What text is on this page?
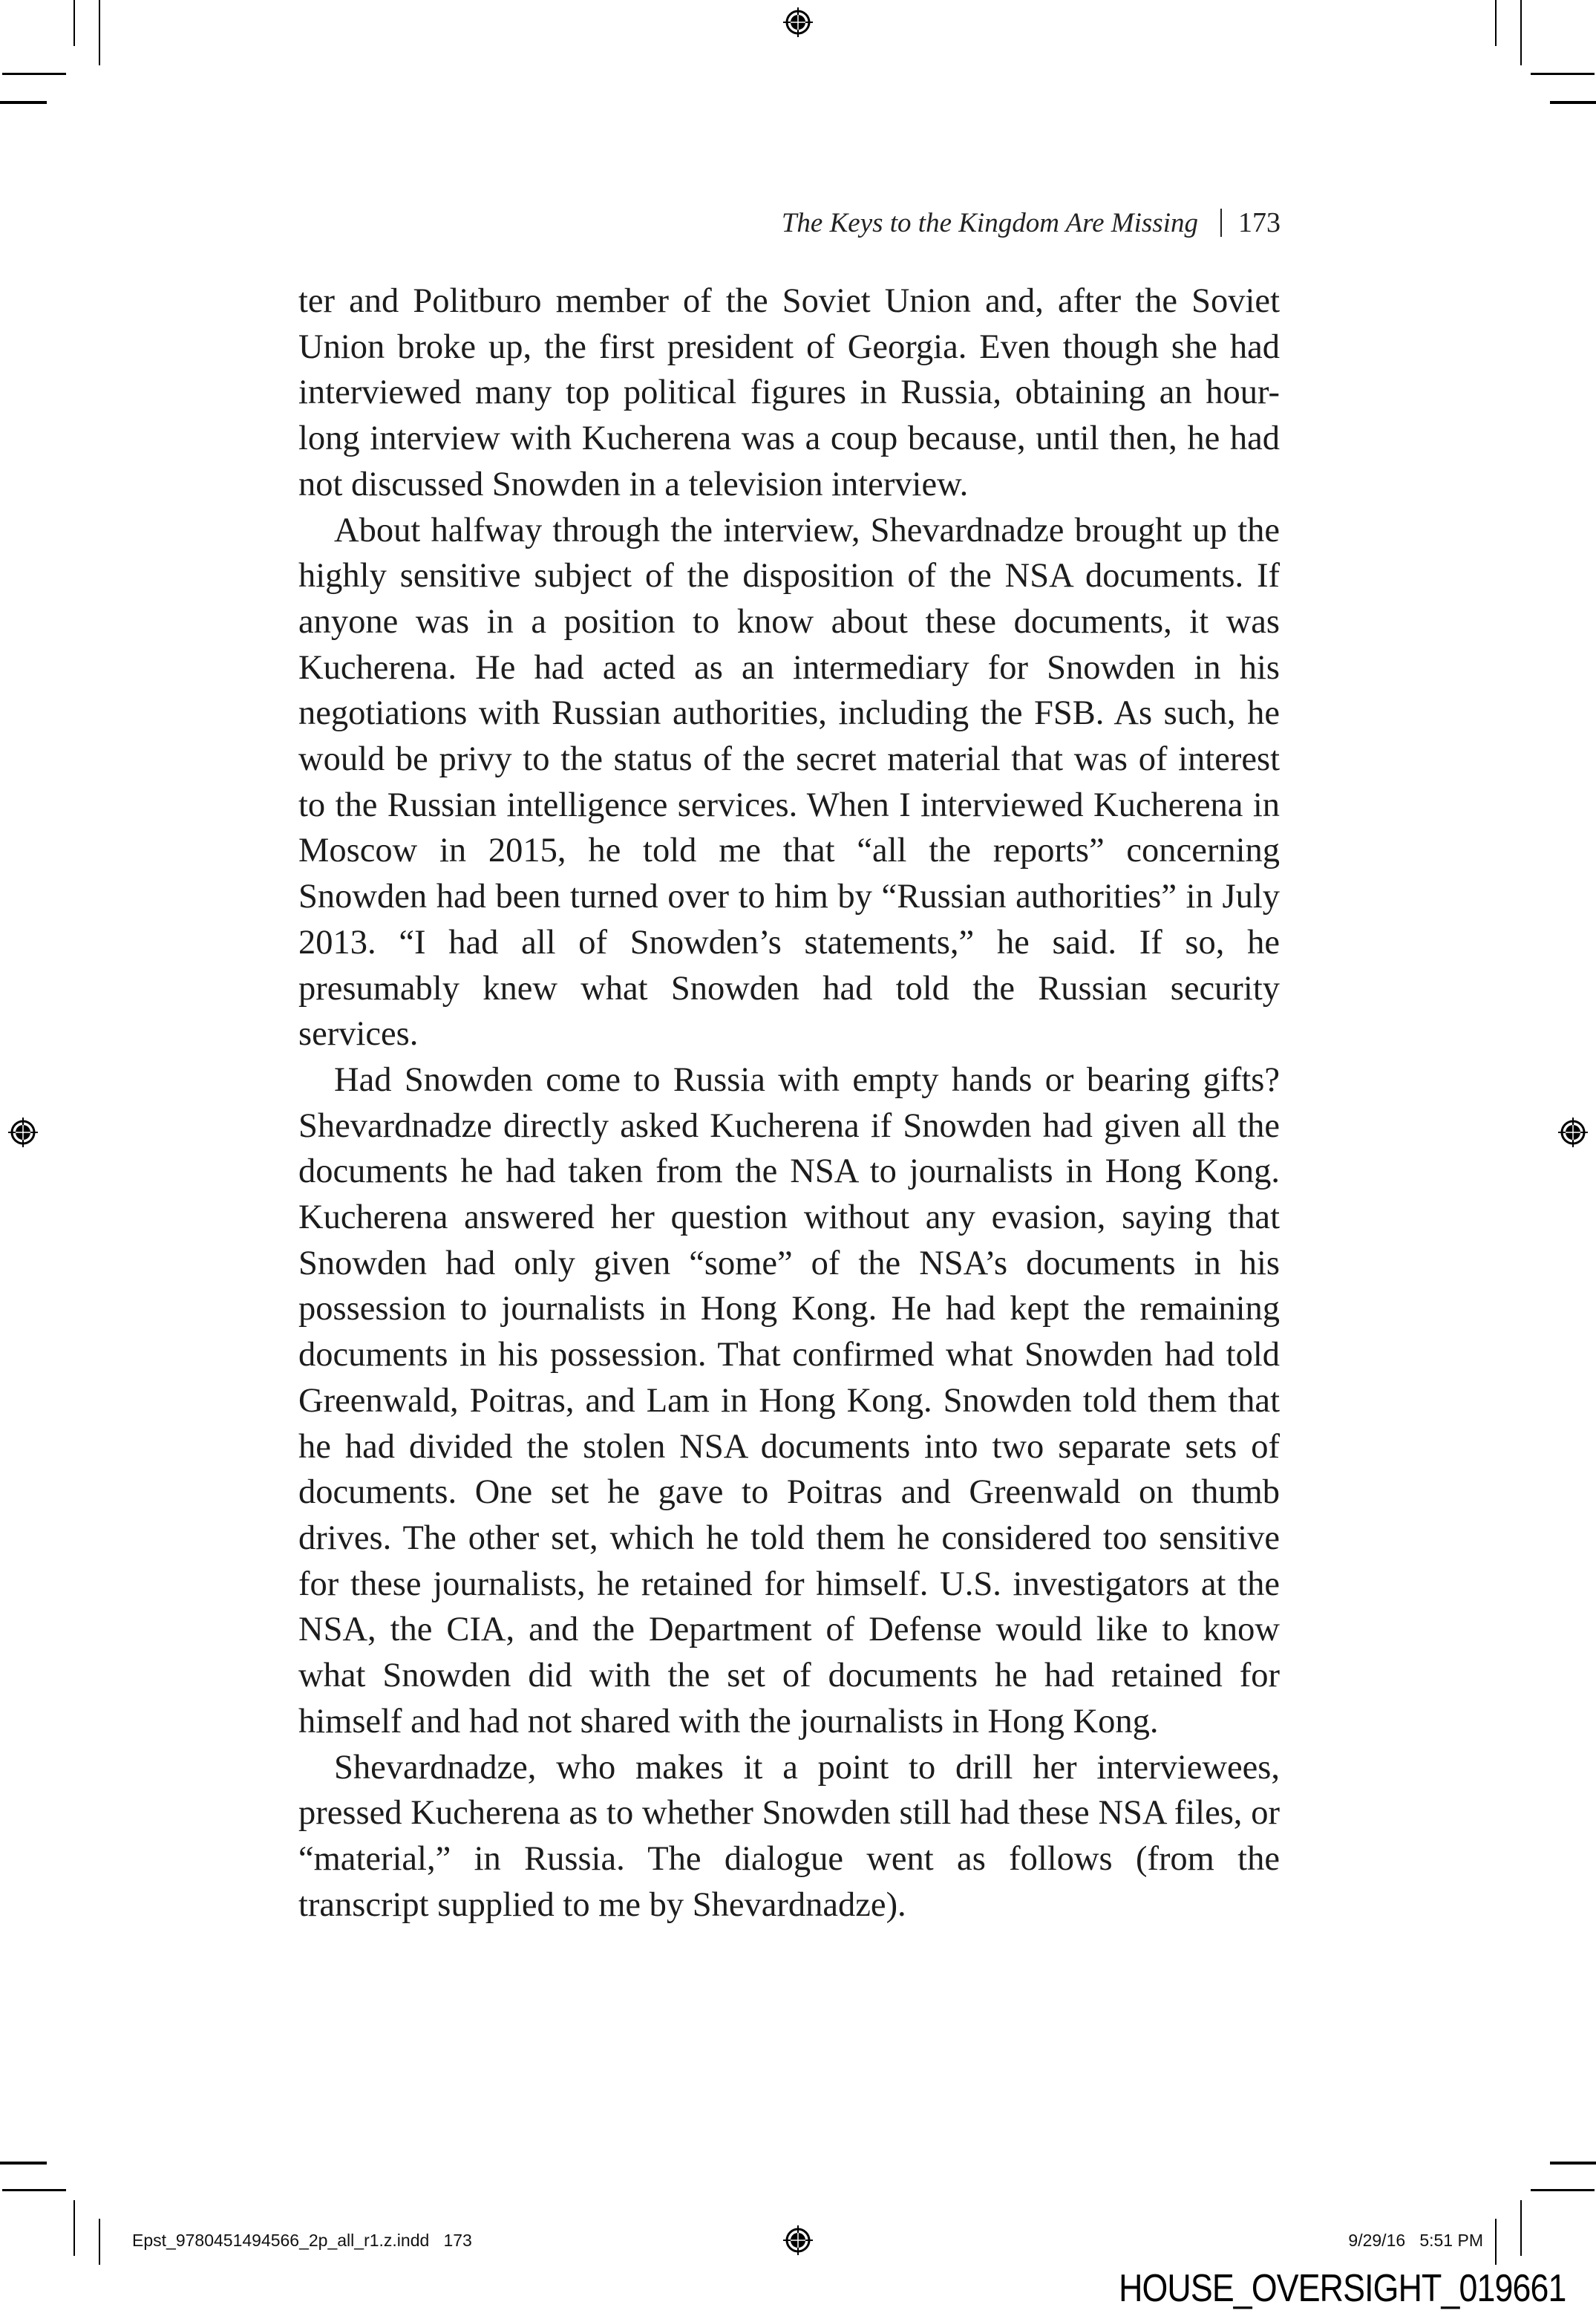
The Keys to the Kingdom Are Missing 173

ter and Politburo member of the Soviet Union and, after the Soviet Union broke up, the first president of Georgia. Even though she had interviewed many top political figures in Russia, obtaining an hour-long interview with Kucherena was a coup because, until then, he had not discussed Snowden in a television interview.

About halfway through the interview, Shevardnadze brought up the highly sensitive subject of the disposition of the NSA documents. If anyone was in a position to know about these documents, it was Kucherena. He had acted as an intermediary for Snowden in his negotiations with Russian authorities, including the FSB. As such, he would be privy to the status of the secret material that was of interest to the Russian intelligence services. When I interviewed Kucherena in Moscow in 2015, he told me that “all the reports” concerning Snowden had been turned over to him by “Russian authorities” in July 2013. “I had all of Snowden’s statements,” he said. If so, he presumably knew what Snowden had told the Russian security services.

Had Snowden come to Russia with empty hands or bearing gifts? Shevardnadze directly asked Kucherena if Snowden had given all the documents he had taken from the NSA to journalists in Hong Kong. Kucherena answered her question without any evasion, saying that Snowden had only given “some” of the NSA’s documents in his possession to journalists in Hong Kong. He had kept the remaining documents in his possession. That confirmed what Snowden had told Greenwald, Poitras, and Lam in Hong Kong. Snowden told them that he had divided the stolen NSA documents into two separate sets of documents. One set he gave to Poitras and Greenwald on thumb drives. The other set, which he told them he considered too sensitive for these journalists, he retained for himself. U.S. investigators at the NSA, the CIA, and the Department of Defense would like to know what Snowden did with the set of documents he had retained for himself and had not shared with the journalists in Hong Kong.

Shevardnadze, who makes it a point to drill her interviewees, pressed Kucherena as to whether Snowden still had these NSA files, or “material,” in Russia. The dialogue went as follows (from the transcript supplied to me by Shevardnadze).

Epst_9780451494566_2p_all_r1.z.indd   173	9/29/16   5:51 PM
HOUSE_OVERSIGHT_019661
